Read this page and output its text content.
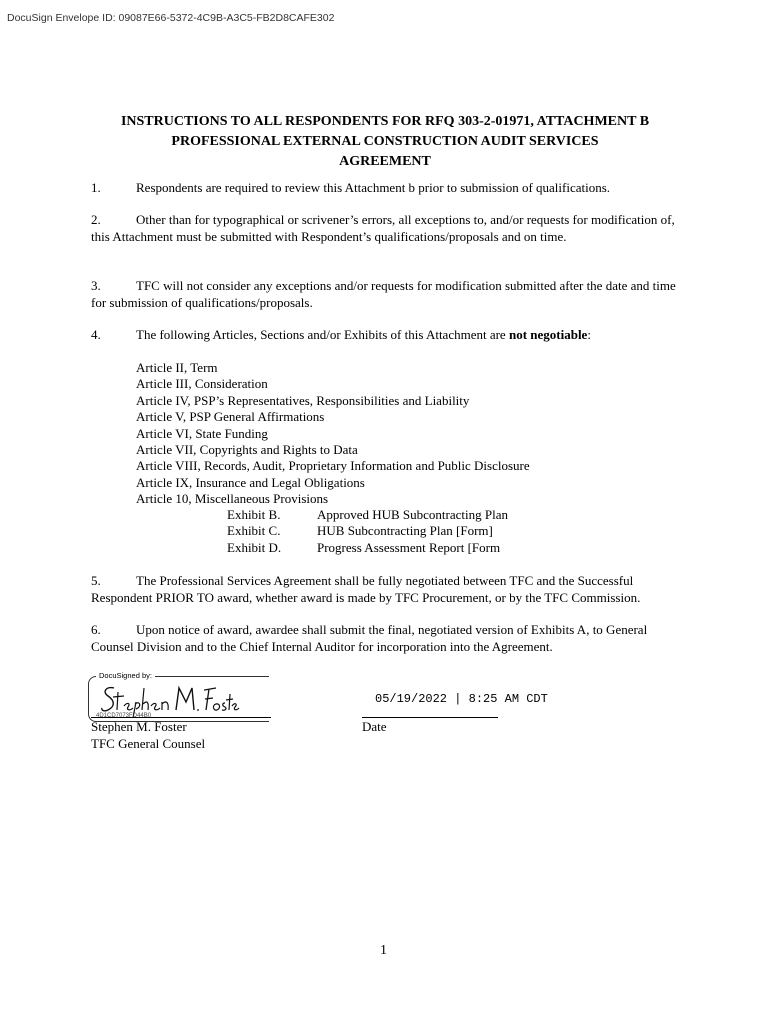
DocuSign Envelope ID: 09087E66-5372-4C9B-A3C5-FB2D8CAFE302
INSTRUCTIONS TO ALL RESPONDENTS FOR RFQ 303-2-01971, ATTACHMENT B
PROFESSIONAL EXTERNAL CONSTRUCTION AUDIT SERVICES
AGREEMENT
1.	Respondents are required to review this Attachment b prior to submission of qualifications.
2.	Other than for typographical or scrivener’s errors, all exceptions to, and/or requests for modification of, this Attachment must be submitted with Respondent’s qualifications/proposals and on time.
3.	TFC will not consider any exceptions and/or requests for modification submitted after the date and time for submission of qualifications/proposals.
4.	The following Articles, Sections and/or Exhibits of this Attachment are not negotiable:
Article II, Term
Article III, Consideration
Article IV, PSP’s Representatives, Responsibilities and Liability
Article V, PSP General Affirmations
Article VI, State Funding
Article VII, Copyrights and Rights to Data
Article VIII, Records, Audit, Proprietary Information and Public Disclosure
Article IX, Insurance and Legal Obligations
Article 10, Miscellaneous Provisions
Exhibit B.	Approved HUB Subcontracting Plan
Exhibit C.	HUB Subcontracting Plan [Form]
Exhibit D.	Progress Assessment Report [Form
5.	The Professional Services Agreement shall be fully negotiated between TFC and the Successful Respondent PRIOR TO award, whether award is made by TFC Procurement, or by the TFC Commission.
6.	Upon notice of award, awardee shall submit the final, negotiated version of Exhibits A, to General Counsel Division and to the Chief Internal Auditor for incorporation into the Agreement.
DocuSigned by:
4D1CD7073FD44B0
05/19/2022 | 8:25 AM CDT
Stephen M. Foster
TFC General Counsel
Date
1
